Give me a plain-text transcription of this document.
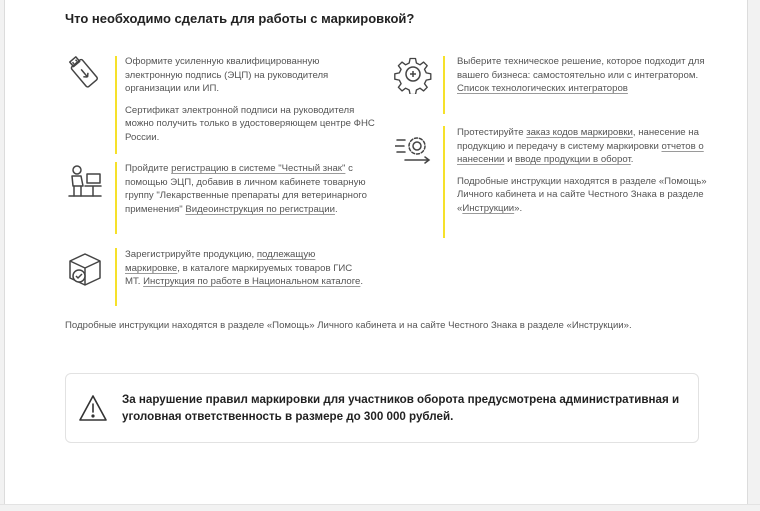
Что необходимо сделать для работы с маркировкой?

Оформите усиленную квалифицированную электронную подпись (ЭЦП) на руководителя организации или ИП.

Сертификат электронной подписи на руководителя можно получить только в удостоверяющем центре ФНС России.

Пройдите регистрацию в системе "Честный знак" с помощью ЭЦП, добавив в личном кабинете товарную группу "Лекарственные препараты для ветеринарного применения" Видеоинструкция по регистрации.

Зарегистрируйте продукцию, подлежащую маркировке, в каталоге маркируемых товаров ГИС МТ. Инструкция по работе в Национальном каталоге.

Выберите техническое решение, которое подходит для вашего бизнеса: самостоятельно или с интегратором. Список технологических интеграторов

Протестируйте заказ кодов маркировки, нанесение на продукцию и передачу в систему маркировки отчетов о нанесении и вводе продукции в оборот.

Подробные инструкции находятся в разделе «Помощь» Личного кабинета и на сайте Честного Знака в разделе «Инструкции».

Подробные инструкции находятся в разделе «Помощь» Личного кабинета и на сайте Честного Знака в разделе «Инструкции».

За нарушение правил маркировки для участников оборота предусмотрена административная и уголовная ответственность в размере до 300 000 рублей.
